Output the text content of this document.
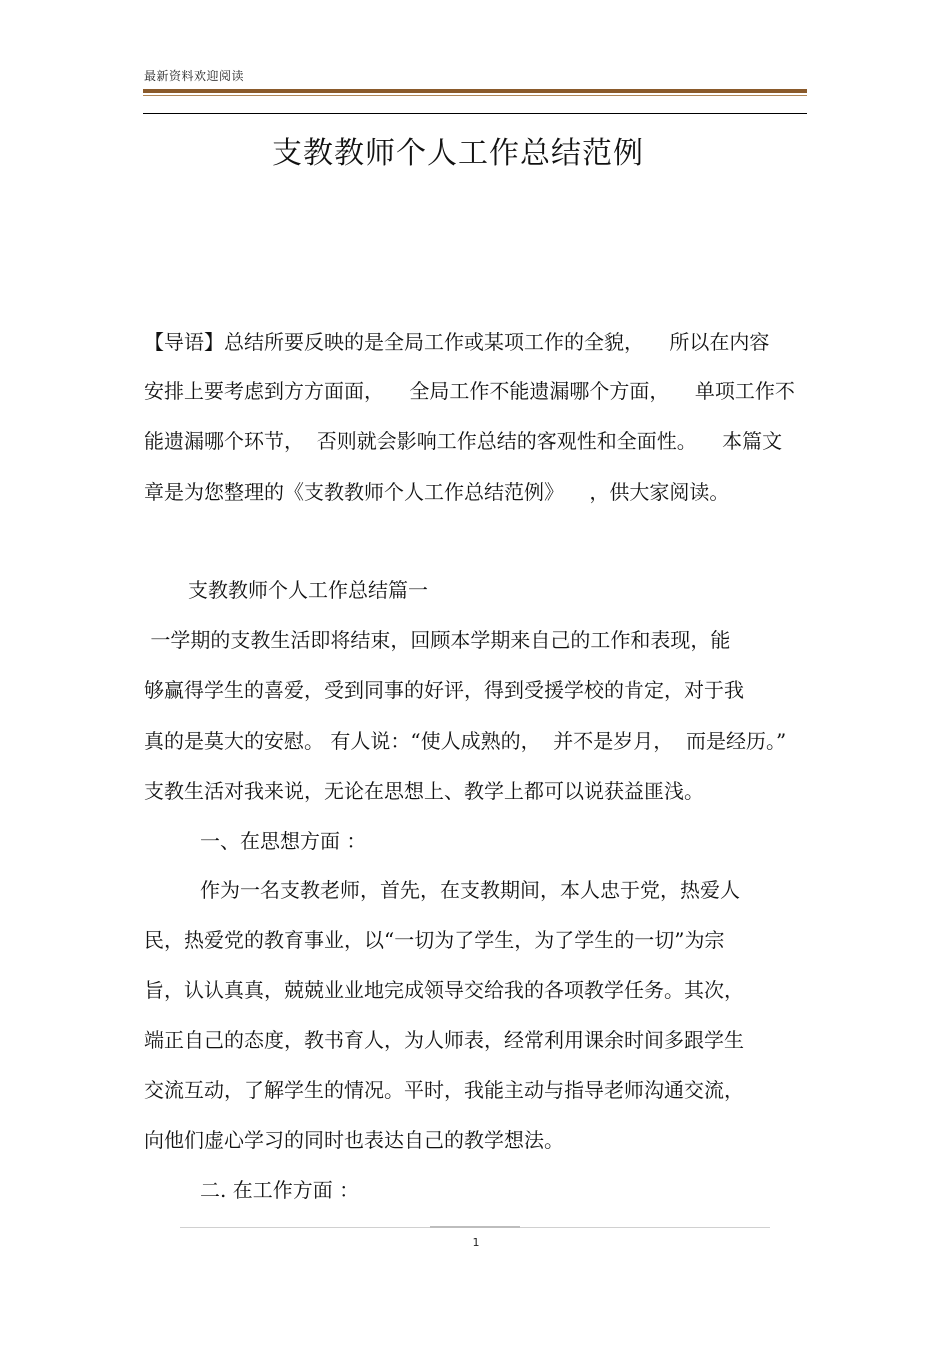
最新资料欢迎阅读
支教教师个人工作总结范例
【导语】总结所要反映的是全局工作或某项工作的全貌，    所以在内容
安排上要考虑到方方面面，    全局工作不能遗漏哪个方面，    单项工作不
能遗漏哪个环节，  否则就会影响工作总结的客观性和全面性。    本篇文
章是为您整理的《支教教师个人工作总结范例》    ，供大家阅读。
支教教师个人工作总结篇一
一学期的支教生活即将结束，回顾本学期来自己的工作和表现，能
够赢得学生的喜爱，受到同事的好评，得到受援学校的肯定，对于我
真的是莫大的安慰。 有人说：“使人成熟的，  并不是岁月，  而是经历。”
支教生活对我来说，无论在思想上、教学上都可以说获益匪浅。
一、在思想方面 ：
作为一名支教老师，首先，在支教期间，本人忠于党，热爱人
民，热爱党的教育事业，以“一切为了学生，为了学生的一切”为宗
旨，认认真真，兢兢业业地完成领导交给我的各项教学任务。其次，
端正自己的态度，教书育人，为人师表，经常利用课余时间多跟学生
交流互动，了解学生的情况。平时，我能主动与指导老师沟通交流，
向他们虚心学习的同时也表达自己的教学想法。
二. 在工作方面 ：
1
